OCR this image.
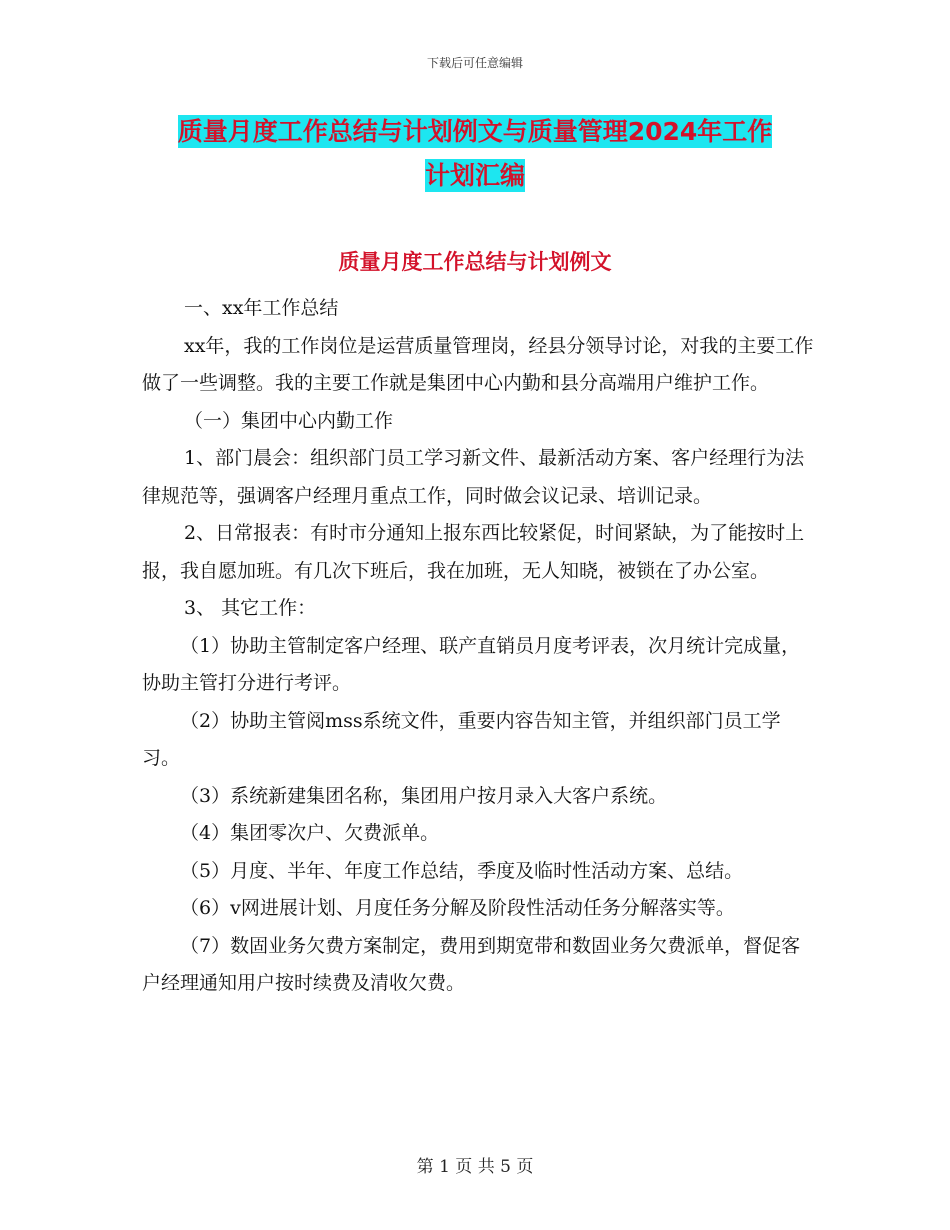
下载后可任意编辑
质量月度工作总结与计划例文与质量管理2024年工作
计划汇编
质量月度工作总结与计划例文

一、xx年工作总结

xx年，我的工作岗位是运营质量管理岗，经县分领导讨论，对我的主要工作做了一些调整。我的主要工作就是集团中心内勤和县分高端用户维护工作。

（一）集团中心内勤工作

1、部门晨会：组织部门员工学习新文件、最新活动方案、客户经理行为法律规范等，强调客户经理月重点工作，同时做会议记录、培训记录。

2、日常报表：有时市分通知上报东西比较紧促，时间紧缺，为了能按时上报，我自愿加班。有几次下班后，我在加班，无人知晓，被锁在了办公室。

3、 其它工作：

（1）协助主管制定客户经理、联产直销员月度考评表，次月统计完成量，协助主管打分进行考评。

（2）协助主管阅mss系统文件，重要内容告知主管，并组织部门员工学习。

（3）系统新建集团名称，集团用户按月录入大客户系统。

（4）集团零次户、欠费派单。

（5）月度、半年、年度工作总结，季度及临时性活动方案、总结。

（6）v网进展计划、月度任务分解及阶段性活动任务分解落实等。

（7）数固业务欠费方案制定，费用到期宽带和数固业务欠费派单，督促客户经理通知用户按时续费及清收欠费。

第 1 页 共 5 页
